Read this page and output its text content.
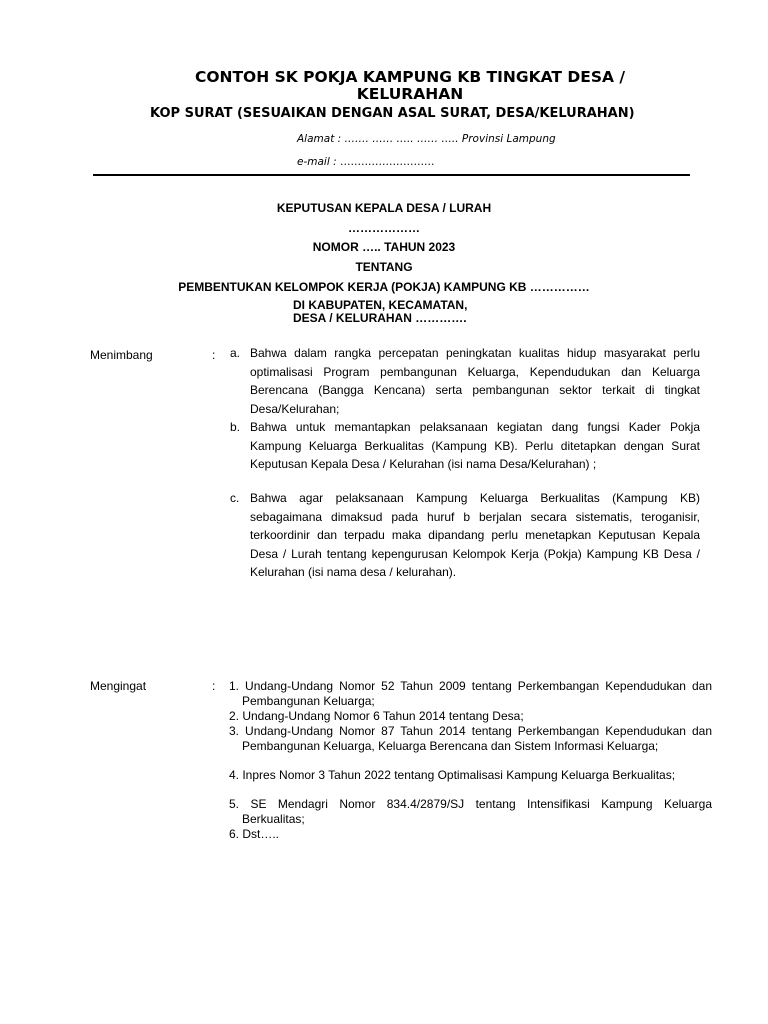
CONTOH SK POKJA KAMPUNG KB TINGKAT DESA / KELURAHAN
KOP SURAT (SESUAIKAN DENGAN ASAL SURAT, DESA/KELURAHAN)
Alamat : ……. …… ….. …… ….. Provinsi Lampung
e-mail : ………………………
KEPUTUSAN KEPALA DESA / LURAH
………………
NOMOR ….. TAHUN 2023
TENTANG
PEMBENTUKAN KELOMPOK KERJA (POKJA) KAMPUNG KB ……………
DI KABUPATEN, KECAMATAN,
DESA / KELURAHAN ………….
Menimbang	: a. Bahwa dalam rangka percepatan peningkatan kualitas hidup masyarakat perlu optimalisasi Program pembangunan Keluarga, Kependudukan dan Keluarga Berencana (Bangga Kencana) serta pembangunan sektor terkait di tingkat Desa/Kelurahan;
b. Bahwa untuk memantapkan pelaksanaan kegiatan dang fungsi Kader Pokja Kampung Keluarga Berkualitas (Kampung KB). Perlu ditetapkan dengan Surat Keputusan Kepala Desa / Kelurahan (isi nama Desa/Kelurahan) ;
c. Bahwa agar pelaksanaan Kampung Keluarga Berkualitas (Kampung KB) sebagaimana dimaksud pada huruf b berjalan secara sistematis, teroganisir, terkoordinir dan terpadu maka dipandang perlu menetapkan Keputusan Kepala Desa / Lurah tentang kepengurusan Kelompok Kerja (Pokja) Kampung KB Desa / Kelurahan (isi nama desa / kelurahan).
Mengingat	: 1. Undang-Undang Nomor 52 Tahun 2009 tentang Perkembangan Kependudukan dan Pembangunan Keluarga;
2. Undang-Undang Nomor 6 Tahun 2014 tentang Desa;
3. Undang-Undang Nomor 87 Tahun 2014 tentang Perkembangan Kependudukan dan Pembangunan Keluarga, Keluarga Berencana dan Sistem Informasi Keluarga;
4. Inpres Nomor 3 Tahun 2022 tentang Optimalisasi Kampung Keluarga Berkualitas;
5. SE Mendagri Nomor 834.4/2879/SJ tentang Intensifikasi Kampung Keluarga Berkualitas;
6. Dst…..
